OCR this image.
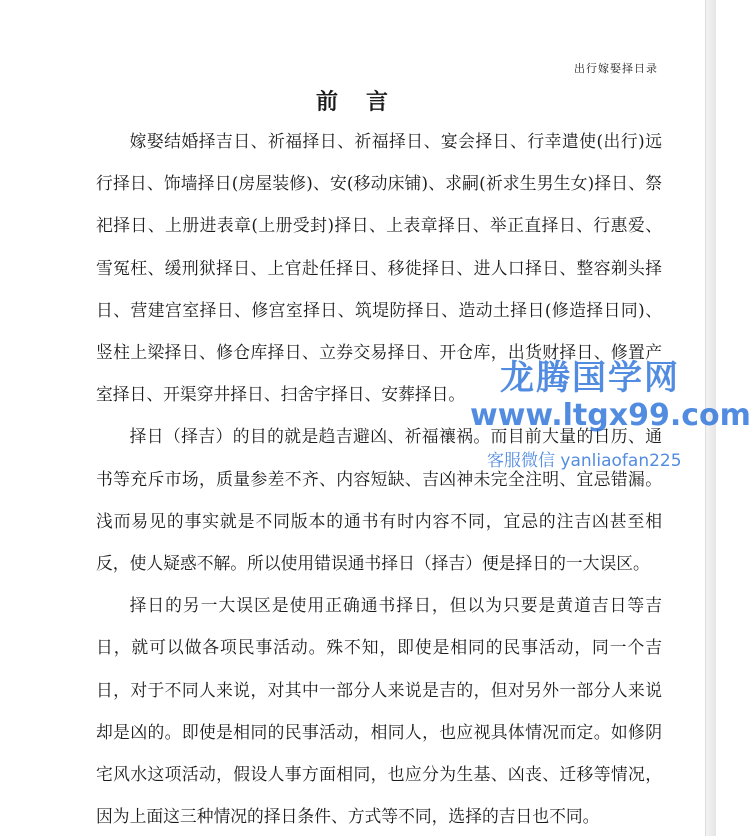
出行嫁娶择日录
前言

嫁娶结婚择吉日、祈福择日、祈福择日、宴会择日、行幸遣使(出行)远行择日、饰墙择日(房屋装修)、安(移动床铺)、求嗣(祈求生男生女)择日、祭祀择日、上册进表章(上册受封)择日、上表章择日、举正直择日、行惠爱、雪冤枉、缓刑狱择日、上官赴任择日、移徙择日、进人口择日、整容剃头择日、营建宫室择日、修宫室择日、筑堤防择日、造动土择日(修造择日同)、竖柱上梁择日、修仓库择日、立券交易择日、开仓库，出货财择日、修置产室择日、开渠穿井择日、扫舍宇择日、安葬择日。

择日（择吉）的目的就是趋吉避凶、祈福禳祸。而目前大量的日历、通书等充斥市场，质量参差不齐、内容短缺、吉凶神未完全注明、宜忌错漏。浅而易见的事实就是不同版本的通书有时内容不同，宜忌的注吉凶甚至相反，使人疑惑不解。所以使用错误通书择日（择吉）便是择日的一大误区。

择日的另一大误区是使用正确通书择日，但以为只要是黄道吉日等吉日，就可以做各项民事活动。殊不知，即使是相同的民事活动，同一个吉日，对于不同人来说，对其中一部分人来说是吉的，但对另外一部分人来说却是凶的。即使是相同的民事活动，相同人，也应视具体情况而定。如修阴宅风水这项活动，假设人事方面相同，也应分为生基、凶丧、迁移等情况，因为上面这三种情况的择日条件、方式等不同，选择的吉日也不同。

龙腾国学网
www.ltgx99.com
客服微信 yanliaofan225
